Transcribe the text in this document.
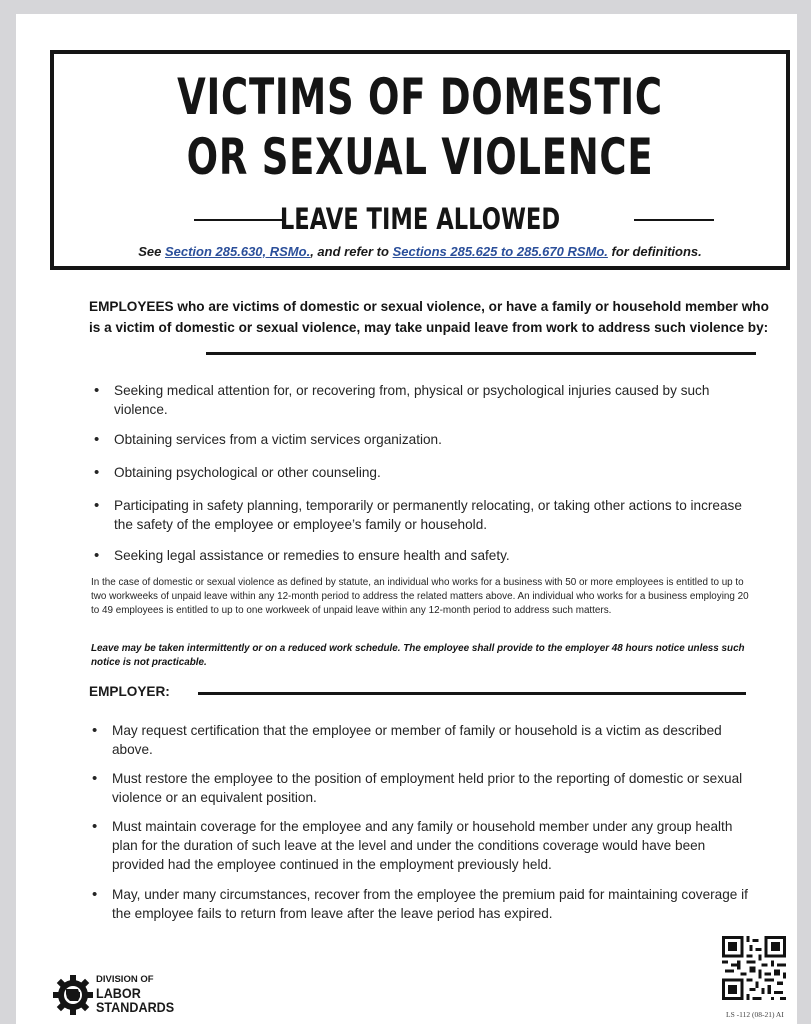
VICTIMS OF DOMESTIC
OR SEXUAL VIOLENCE
LEAVE TIME ALLOWED
See Section 285.630, RSMo., and refer to Sections 285.625 to 285.670 RSMo. for definitions.
EMPLOYEES who are victims of domestic or sexual violence, or have a family or household member who is a victim of domestic or sexual violence, may take unpaid leave from work to address such violence by:
• Seeking medical attention for, or recovering from, physical or psychological injuries caused by such violence.
• Obtaining services from a victim services organization.
• Obtaining psychological or other counseling.
• Participating in safety planning, temporarily or permanently relocating, or taking other actions to increase the safety of the employee or employee’s family or household.
• Seeking legal assistance or remedies to ensure health and safety.
In the case of domestic or sexual violence as defined by statute, an individual who works for a business with 50 or more employees is entitled to up to two workweeks of unpaid leave within any 12-month period to address the related matters above. An individual who works for a business employing 20 to 49 employees is entitled to up to one workweek of unpaid leave within any 12-month period to address such matters.
Leave may be taken intermittently or on a reduced work schedule. The employee shall provide to the employer 48 hours notice unless such notice is not practicable.
EMPLOYER:
• May request certification that the employee or member of family or household is a victim as described above.
• Must restore the employee to the position of employment held prior to the reporting of domestic or sexual violence or an equivalent position.
• Must maintain coverage for the employee and any family or household member under any group health plan for the duration of such leave at the level and under the conditions coverage would have been provided had the employee continued in the employment previously held.
• May, under many circumstances, recover from the employee the premium paid for maintaining coverage if the employee fails to return from leave after the leave period has expired.
DIVISION OF
LABOR
STANDARDS	LS -112 (08-21) AI
